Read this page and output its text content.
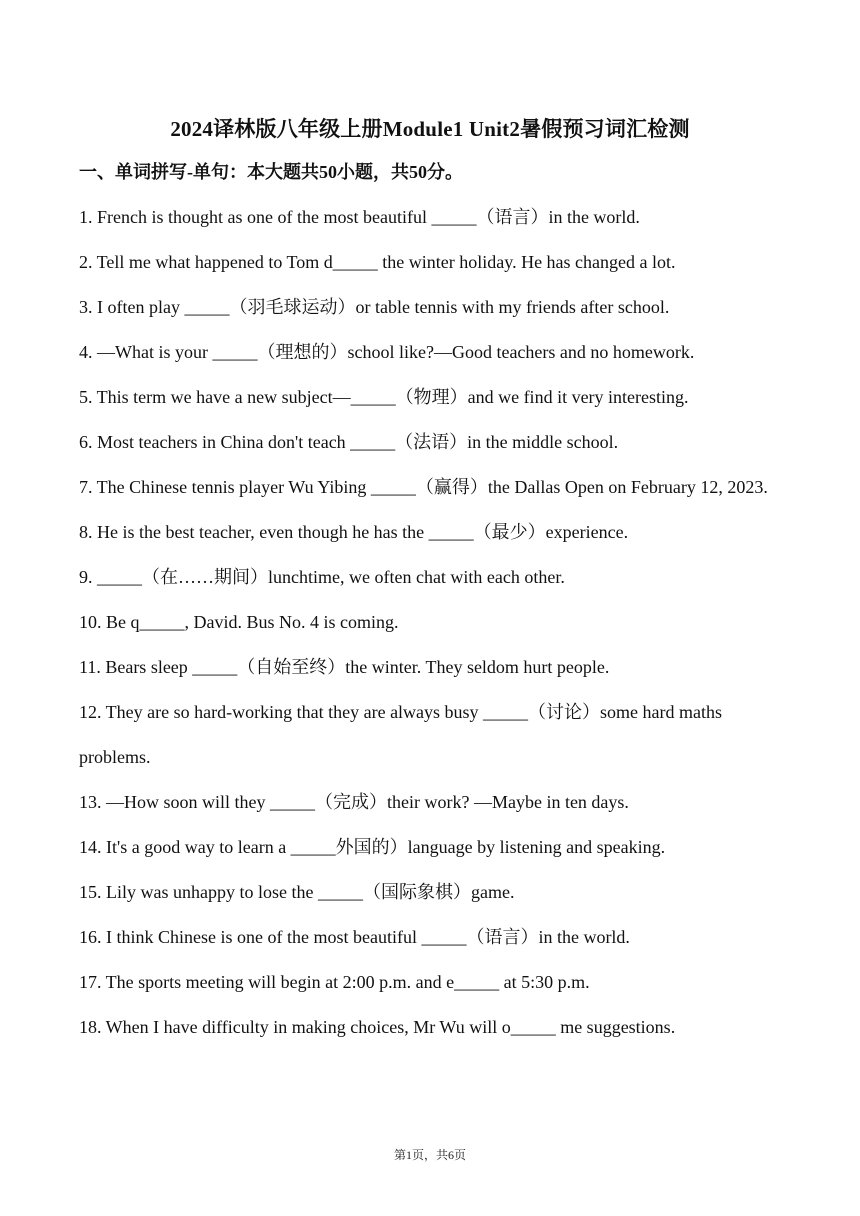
2024译林版八年级上册Module1 Unit2暑假预习词汇检测
一、单词拼写-单句：本大题共50小题，共50分。
1. French is thought as one of the most beautiful _____（语言）in the world.
2. Tell me what happened to Tom d_____ the winter holiday. He has changed a lot.
3. I often play _____（羽毛球运动）or table tennis with my friends after school.
4. —What is your _____（理想的）school like?—Good teachers and no homework.
5. This term we have a new subject—_____（物理）and we find it very interesting.
6. Most teachers in China don't teach _____（法语）in the middle school.
7. The Chinese tennis player Wu Yibing _____（赢得）the Dallas Open on February 12, 2023.
8. He is the best teacher, even though he has the _____（最少）experience.
9. _____（在……期间）lunchtime, we often chat with each other.
10. Be q_____, David. Bus No. 4 is coming.
11. Bears sleep _____（自始至终）the winter. They seldom hurt people.
12. They are so hard-working that they are always busy _____（讨论）some hard maths problems.
13. —How soon will they _____（完成）their work? —Maybe in ten days.
14. It's a good way to learn a _____外国的）language by listening and speaking.
15. Lily was unhappy to lose the _____（国际象棋）game.
16. I think Chinese is one of the most beautiful _____（语言）in the world.
17. The sports meeting will begin at 2:00 p.m. and e_____ at 5:30 p.m.
18. When I have difficulty in making choices, Mr Wu will o_____ me suggestions.
第1页，共6页
